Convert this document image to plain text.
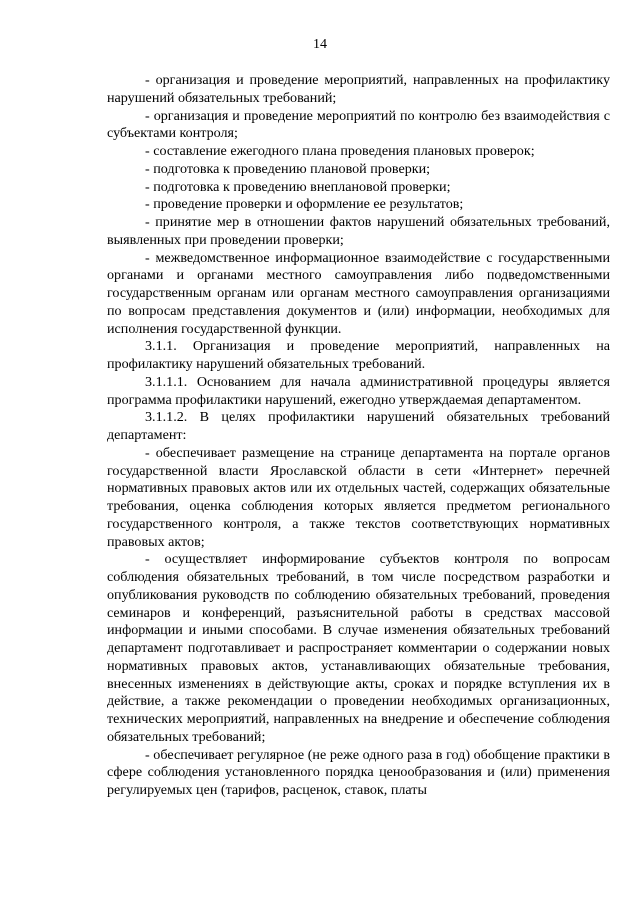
14

- организация и проведение мероприятий, направленных на профилактику нарушений обязательных требований;

- организация и проведение мероприятий по контролю без взаимодействия с субъектами контроля;

- составление ежегодного плана проведения плановых проверок;

- подготовка к проведению плановой проверки;

- подготовка к проведению внеплановой проверки;

- проведение проверки и оформление ее результатов;

- принятие мер в отношении фактов нарушений обязательных требований, выявленных при проведении проверки;

- межведомственное информационное взаимодействие с государственными органами и органами местного самоуправления либо подведомственными государственным органам или органам местного самоуправления организациями по вопросам представления документов и (или) информации, необходимых для исполнения государственной функции.

3.1.1. Организация и проведение мероприятий, направленных на профилактику нарушений обязательных требований.

3.1.1.1. Основанием для начала административной процедуры является программа профилактики нарушений, ежегодно утверждаемая департаментом.

3.1.1.2. В целях профилактики нарушений обязательных требований департамент:

- обеспечивает размещение на странице департамента на портале органов государственной власти Ярославской области в сети «Интернет» перечней нормативных правовых актов или их отдельных частей, содержащих обязательные требования, оценка соблюдения которых является предметом регионального государственного контроля, а также текстов соответствующих нормативных правовых актов;

- осуществляет информирование субъектов контроля по вопросам соблюдения обязательных требований, в том числе посредством разработки и опубликования руководств по соблюдению обязательных требований, проведения семинаров и конференций, разъяснительной работы в средствах массовой информации и иными способами. В случае изменения обязательных требований департамент подготавливает и распространяет комментарии о содержании новых нормативных правовых актов, устанавливающих обязательные требования, внесенных изменениях в действующие акты, сроках и порядке вступления их в действие, а также рекомендации о проведении необходимых организационных, технических мероприятий, направленных на внедрение и обеспечение соблюдения обязательных требований;

- обеспечивает регулярное (не реже одного раза в год) обобщение практики в сфере соблюдения установленного порядка ценообразования и (или) применения регулируемых цен (тарифов, расценок, ставок, платы
